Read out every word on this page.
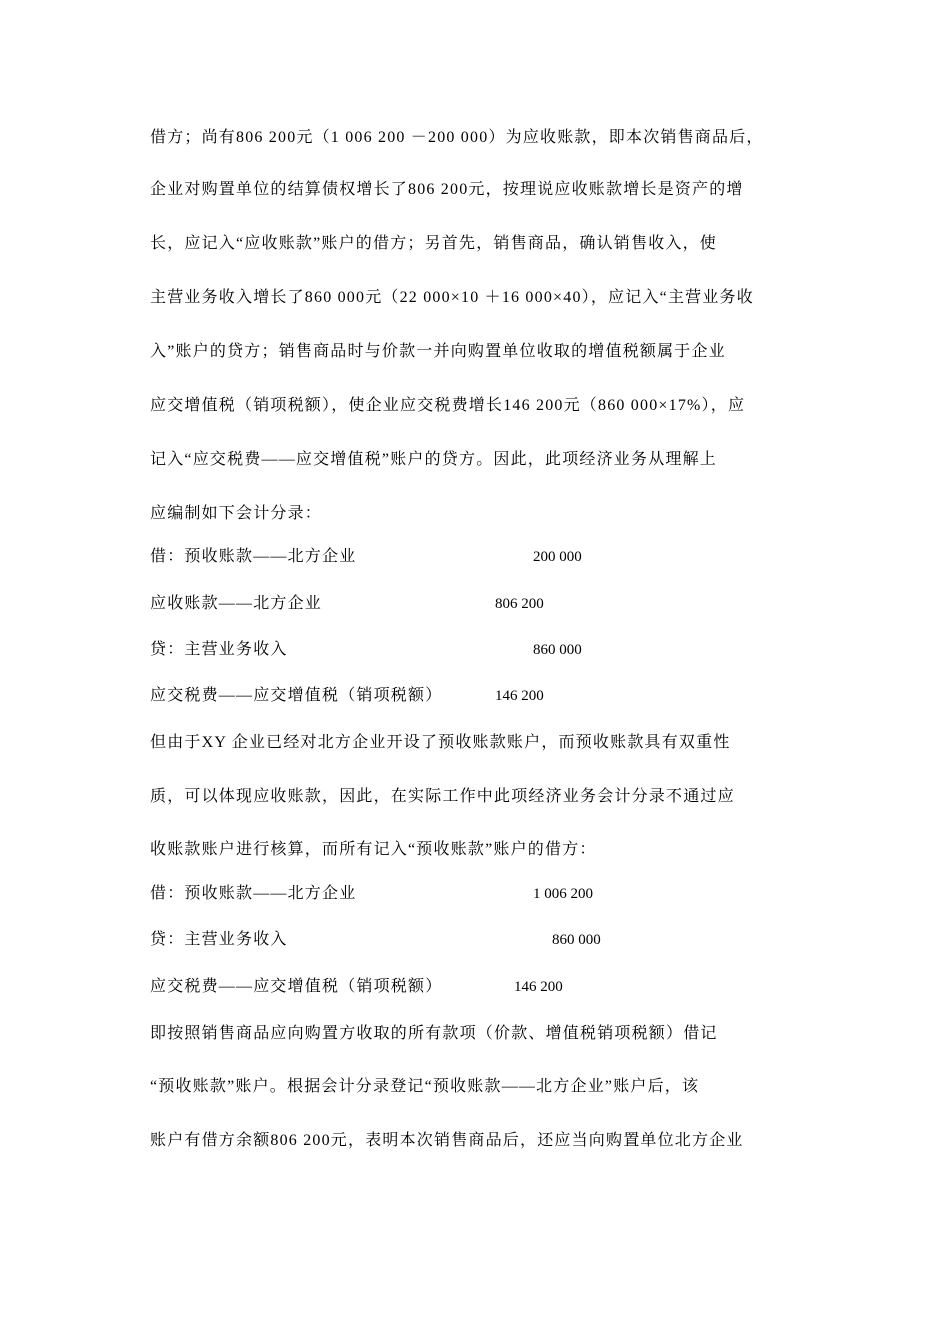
借方；尚有806 200元（1 006 200 －200 000）为应收账款，即本次销售商品后，
企业对购置单位的结算债权增长了806 200元，按理说应收账款增长是资产的增
长，应记入“应收账款”账户的借方；另首先，销售商品，确认销售收入，使
主营业务收入增长了860 000元（22 000×10 ＋16 000×40），应记入“主营业务收
入”账户的贷方；销售商品时与价款一并向购置单位收取的增值税额属于企业
应交增值税（销项税额），使企业应交税费增长146 200元（860 000×17%），应
记入“应交税费——应交增值税”账户的贷方。因此，此项经济业务从理解上
应编制如下会计分录：
借：预收账款——北方企业	200 000
应收账款——北方企业	806 200
贷：主营业务收入	860 000
应交税费——应交增值税（销项税额）	146 200
但由于XY 企业已经对北方企业开设了预收账款账户，而预收账款具有双重性
质，可以体现应收账款，因此，在实际工作中此项经济业务会计分录不通过应
收账款账户进行核算，而所有记入“预收账款”账户的借方：
借：预收账款——北方企业	1 006 200
贷：主营业务收入	860 000
应交税费——应交增值税（销项税额）	146 200
即按照销售商品应向购置方收取的所有款项（价款、增值税销项税额）借记
“预收账款”账户。根据会计分录登记“预收账款——北方企业”账户后，该
账户有借方余额806 200元，表明本次销售商品后，还应当向购置单位北方企业
